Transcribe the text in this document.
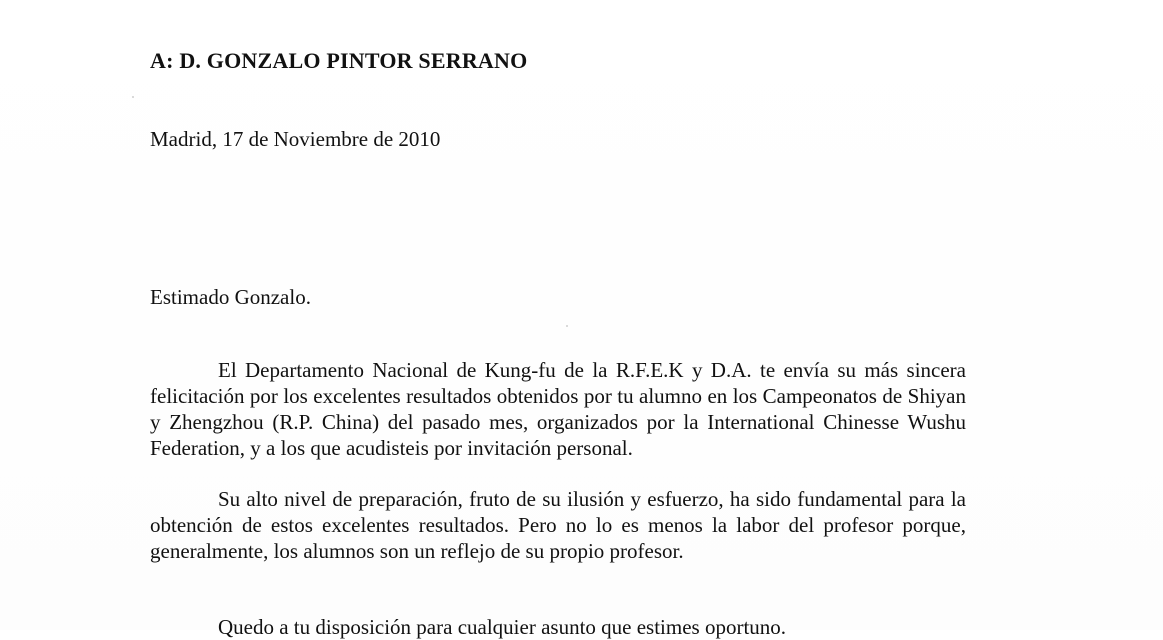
A: D. GONZALO PINTOR SERRANO
Madrid, 17 de Noviembre de 2010
Estimado Gonzalo.

El Departamento Nacional de Kung-fu de la R.F.E.K y D.A. te envía su más sincera felicitación por los excelentes resultados obtenidos por tu alumno en los Campeonatos de Shiyan y Zhengzhou (R.P. China) del pasado mes, organizados por la International Chinesse Wushu Federation, y a los que acudisteis por invitación personal.

Su alto nivel de preparación, fruto de su ilusión y esfuerzo, ha sido fundamental para la obtención de estos excelentes resultados. Pero no lo es menos la labor del profesor porque, generalmente, los alumnos son un reflejo de su propio profesor.

Quedo a tu disposición para cualquier asunto que estimes oportuno.
